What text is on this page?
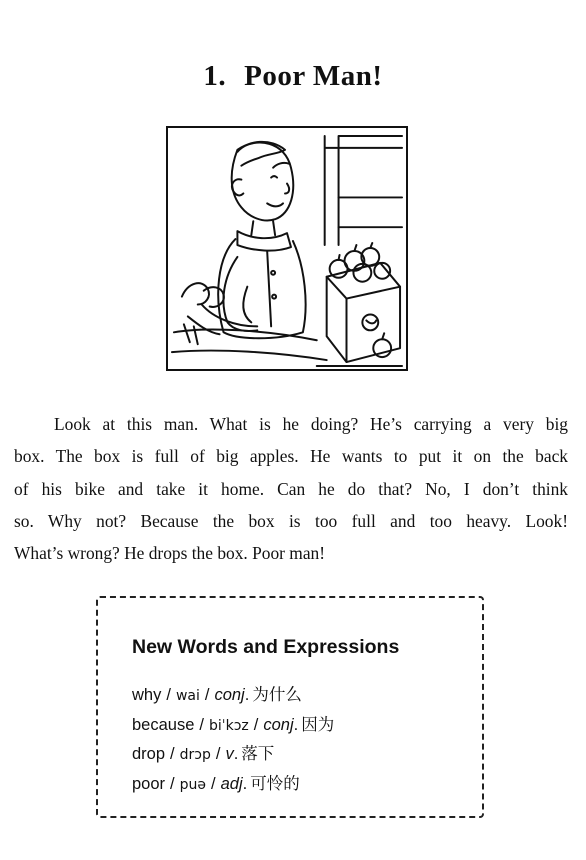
1. Poor Man!
Look at this man. What is he doing? He’s carrying a very big
box. The box is full of big apples. He wants to put it on the back
of his bike and take it home. Can he do that? No, I don’t think
so. Why not? Because the box is too full and too heavy. Look!
What’s wrong? He drops the box. Poor man!
New Words and Expressions
why / wai / conj. 为什么
because / biˈkɔz / conj. 因为
drop / drɔp / v. 落下
poor / puə / adj. 可怜的
